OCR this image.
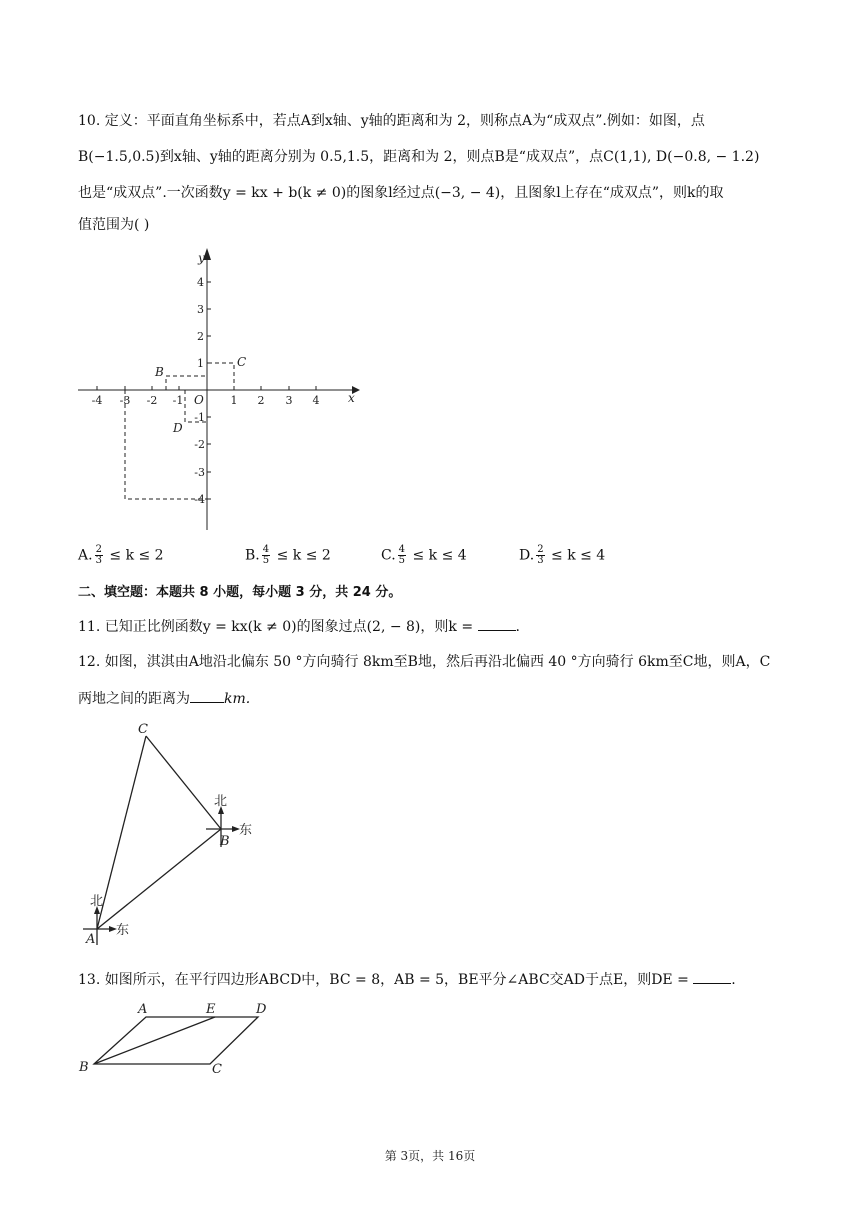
10. 定义：平面直角坐标系中，若点A到x轴、y轴的距离和为 2，则称点A为“成双点”.例如：如图，点
B(−1.5,0.5)到x轴、y轴的距离分别为 0.5,1.5，距离和为 2，则点B是“成双点”，点C(1,1), D(−0.8, − 1.2)
也是“成双点”.一次函数y = kx + b(k ≠ 0)的图象l经过点(−3, − 4)，且图象l上存在“成双点”，则k的取
值范围为( )
-4 -3 -2 -1	1 2 3 4
4
3
2
1
-1
-2
-3
-4
x
y
O
B
C
D
A. $\frac{2}{3} \le k \le 2$	B. $\frac{4}{5} \le k \le 2$	C. $\frac{4}{5} \le k \le 4$	D. $\frac{2}{3} \le k \le 4$
二、填空题：本题共 8 小题，每小题 3 分，共 24 分。
11. 已知正比例函数y = kx(k ≠ 0)的图象过点(2, − 8)，则k =	.
12. 如图，淇淇由A地沿北偏东 50 °方向骑行 8km至B地，然后再沿北偏西 40 °方向骑行 6km至C地，则A，C
两地之间的距离为 km.
C
B
A
北
东
北
东
13. 如图所示，在平行四边形ABCD中，BC = 8，AB = 5，BE平分∠ABC交AD于点E，则DE =	.
A	E	D
B	C
第 3页，共 16页
